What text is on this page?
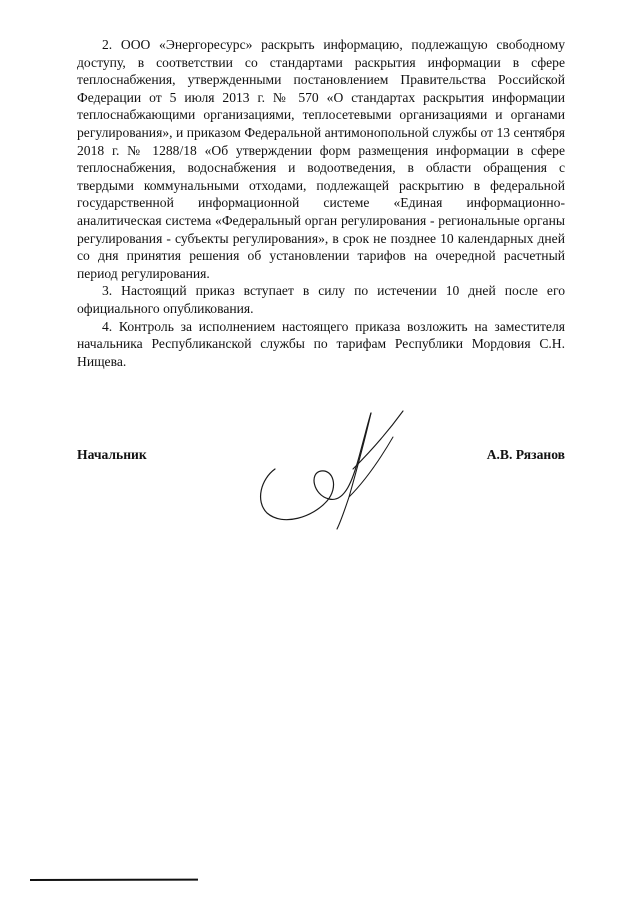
2. ООО «Энергоресурс» раскрыть информацию, подлежащую свободному доступу, в соответствии со стандартами раскрытия информации в сфере теплоснабжения, утвержденными постановлением Правительства Российской Федерации от 5 июля 2013 г. № 570 «О стандартах раскрытия информации теплоснабжающими организациями, теплосетевыми организациями и органами регулирования», и приказом Федеральной антимонопольной службы от 13 сентября 2018 г. № 1288/18 «Об утверждении форм размещения информации в сфере теплоснабжения, водоснабжения и водоотведения, в области обращения с твердыми коммунальными отходами, подлежащей раскрытию в федеральной государственной информационной системе «Единая информационно-аналитическая система «Федеральный орган регулирования - региональные органы регулирования - субъекты регулирования», в срок не позднее 10 календарных дней со дня принятия решения об установлении тарифов на очередной расчетный период регулирования.

3. Настоящий приказ вступает в силу по истечении 10 дней после его официального опубликования.

4. Контроль за исполнением настоящего приказа возложить на заместителя начальника Республиканской службы по тарифам Республики Мордовия С.Н. Нищева.

Начальник	А.В. Рязанов
